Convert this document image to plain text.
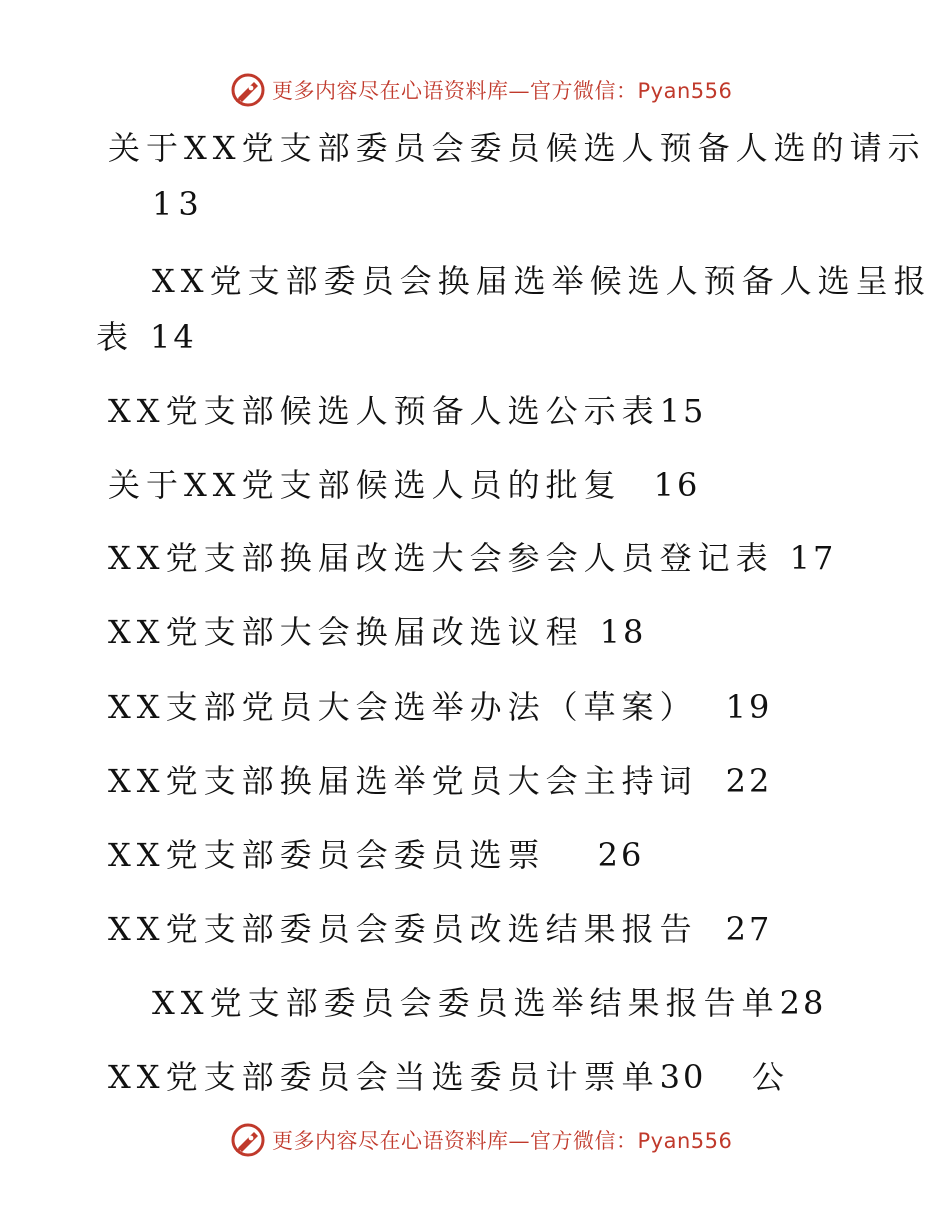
更多内容尽在心语资料库—官方微信：Pyan556

关于XX党支部委员会委员候选人预备人选的请示

13

XX党支部委员会换届选举候选人预备人选呈报

表 14
XX党支部候选人预备人选公示表15
关于XX党支部候选人员的批复 16
XX党支部换届改选大会参会人员登记表 17
XX党支部大会换届改选议程 18
XX支部党员大会选举办法（草案） 19
XX党支部换届选举党员大会主持词 22
XX党支部委员会委员选票 26
XX党支部委员会委员改选结果报告 27
XX党支部委员会委员选举结果报告单28
XX党支部委员会当选委员计票单30 公

更多内容尽在心语资料库—官方微信：Pyan556
